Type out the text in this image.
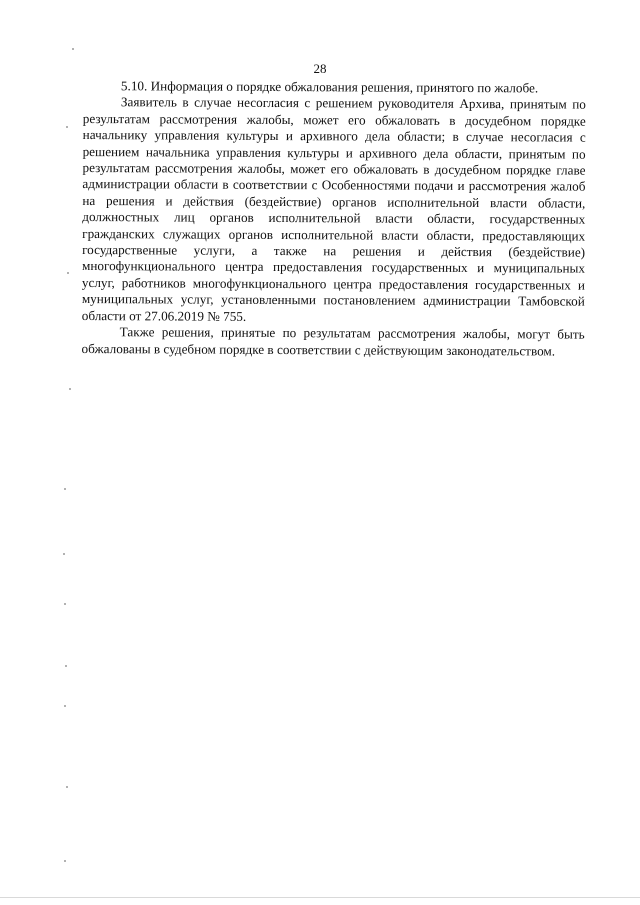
28

5.10. Информация о порядке обжалования решения, принятого по жалобе.

Заявитель в случае несогласия с решением руководителя Архива, принятым по результатам рассмотрения жалобы, может его обжаловать в досудебном порядке начальнику управления культуры и архивного дела области; в случае несогласия с решением начальника управления культуры и архивного дела области, принятым по результатам рассмотрения жалобы, может его обжаловать в досудебном порядке главе администрации области в соответствии с Особенностями подачи и рассмотрения жалоб на решения и действия (бездействие) органов исполнительной власти области, должностных лиц органов исполнительной власти области, государственных гражданских служащих органов исполнительной власти области, предоставляющих государственные услуги, а также на решения и действия (бездействие) многофункционального центра предоставления государственных и муниципальных услуг, работников многофункционального центра предоставления государственных и муниципальных услуг, установленными постановлением администрации Тамбовской области от 27.06.2019 № 755.

Также решения, принятые по результатам рассмотрения жалобы, могут быть обжалованы в судебном порядке в соответствии с действующим законодательством.
